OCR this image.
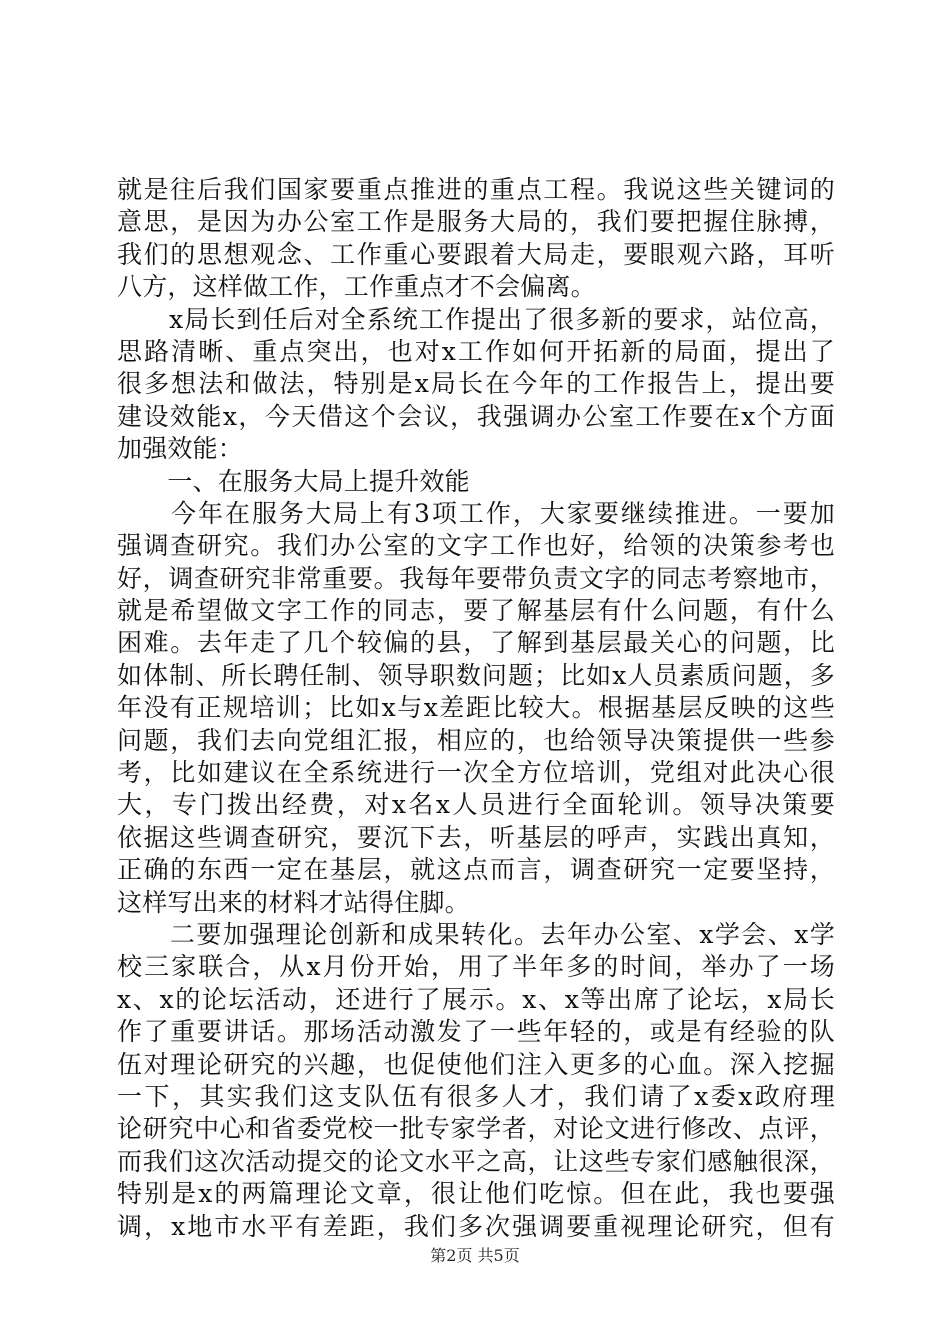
就是往后我们国家要重点推进的重点工程。我说这些关键词的
意思，是因为办公室工作是服务大局的，我们要把握住脉搏，
我们的思想观念、工作重心要跟着大局走，要眼观六路，耳听
八方，这样做工作，工作重点才不会偏离。
　　x局长到任后对全系统工作提出了很多新的要求，站位高，
思路清晰、重点突出，也对x工作如何开拓新的局面，提出了
很多想法和做法，特别是x局长在今年的工作报告上，提出要
建设效能x，今天借这个会议，我强调办公室工作要在x个方面
加强效能：
　　一、在服务大局上提升效能
　　今年在服务大局上有3项工作，大家要继续推进。一要加
强调查研究。我们办公室的文字工作也好，给领的决策参考也
好，调查研究非常重要。我每年要带负责文字的同志考察地市，
就是希望做文字工作的同志，要了解基层有什么问题，有什么
困难。去年走了几个较偏的县，了解到基层最关心的问题，比
如体制、所长聘任制、领导职数问题；比如x人员素质问题，多
年没有正规培训；比如x与x差距比较大。根据基层反映的这些
问题，我们去向党组汇报，相应的，也给领导决策提供一些参
考，比如建议在全系统进行一次全方位培训，党组对此决心很
大，专门拨出经费，对x名x人员进行全面轮训。领导决策要
依据这些调查研究，要沉下去，听基层的呼声，实践出真知，
正确的东西一定在基层，就这点而言，调查研究一定要坚持，
这样写出来的材料才站得住脚。
　　二要加强理论创新和成果转化。去年办公室、x学会、x学
校三家联合，从x月份开始，用了半年多的时间，举办了一场
x、x的论坛活动，还进行了展示。x、x等出席了论坛，x局长
作了重要讲话。那场活动激发了一些年轻的，或是有经验的队
伍对理论研究的兴趣，也促使他们注入更多的心血。深入挖掘
一下，其实我们这支队伍有很多人才，我们请了x委x政府理
论研究中心和省委党校一批专家学者，对论文进行修改、点评，
而我们这次活动提交的论文水平之高，让这些专家们感触很深，
特别是x的两篇理论文章，很让他们吃惊。但在此，我也要强
调，x地市水平有差距，我们多次强调要重视理论研究，但有
第2页 共5页
